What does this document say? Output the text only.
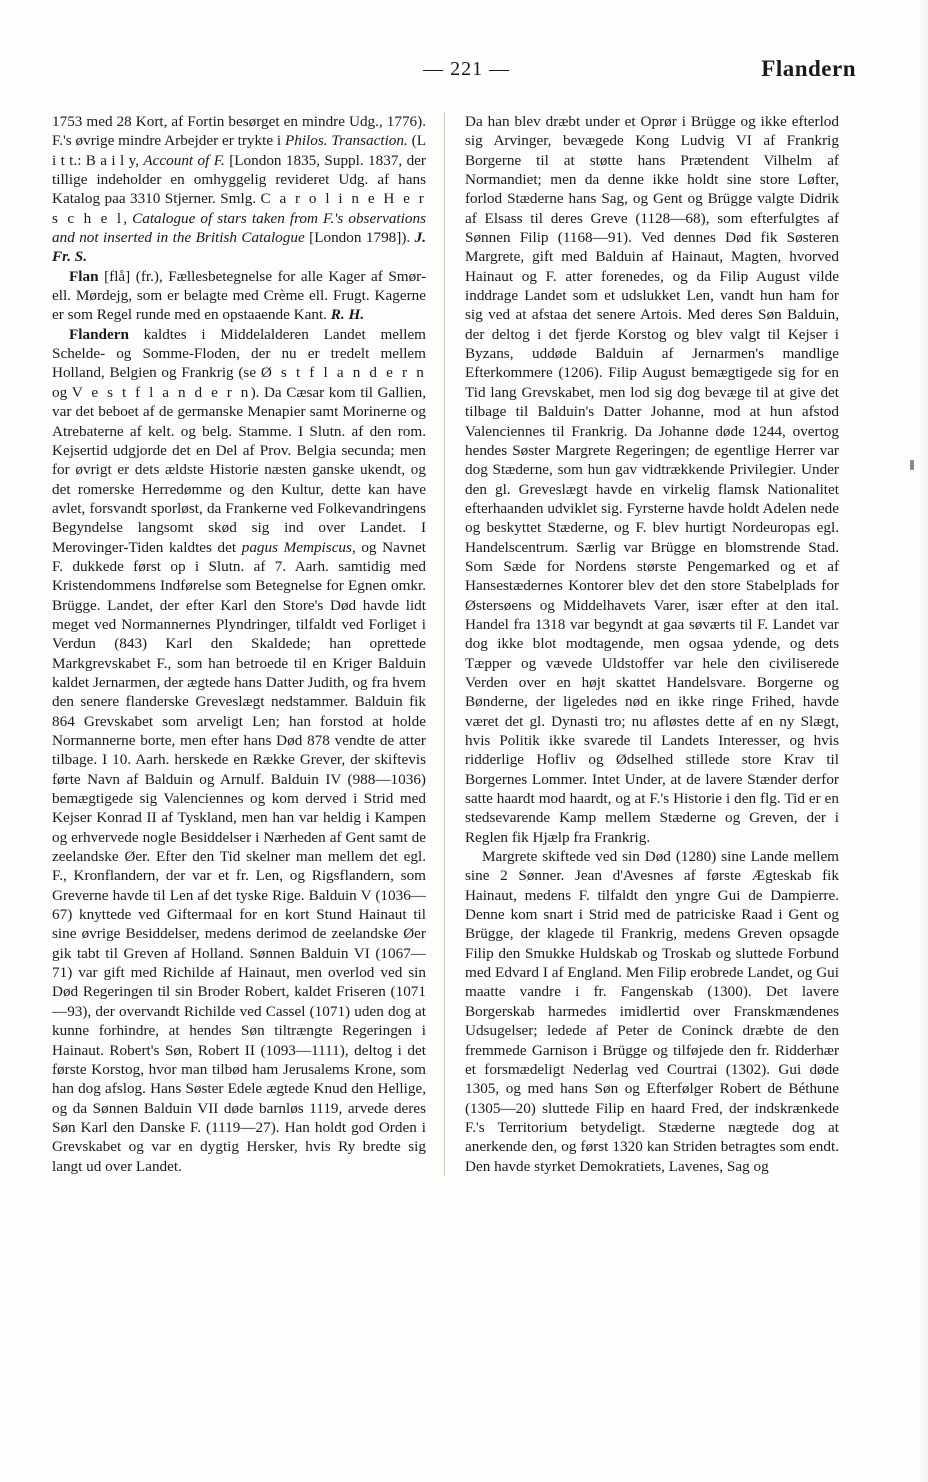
— 221 —	Flandern

1753 med 28 Kort, af Fortin besørget en mindre Udg., 1776). F.'s øvrige mindre Arbejder er trykte i Philos. Transaction. (L i t t.: B a i l y, Account of F. [London 1835, Suppl. 1837, der tillige indeholder en omhyggelig revideret Udg. af hans Katalog paa 3310 Stjerner. Smlg. C a r o l i n e H e r s c h e l, Catalogue of stars taken from F.'s observations and not inserted in the British Catalogue [London 1798]). J. Fr. S.

Flan [flå] (fr.), Fællesbetegnelse for alle Kager af Smør- ell. Mørdejg, som er belagte med Crème ell. Frugt. Kagerne er som Regel runde med en opstaaende Kant. R. H.

Flandern kaldtes i Middelalderen Landet mellem Schelde- og Somme-Floden, der nu er tredelt mellem Holland, Belgien og Frankrig (se Ø s t f l a n d e r n og V e s t f l a n d e r n). Da Cæsar kom til Gallien, var det beboet af de germanske Menapier samt Morinerne og Atrebaterne af kelt. og belg. Stamme. I Slutn. af den rom. Kejsertid udgjorde det en Del af Prov. Belgia secunda; men for øvrigt er dets ældste Historie næsten ganske ukendt, og det romerske Herredømme og den Kultur, dette kan have avlet, forsvandt sporløst, da Frankerne ved Folkevandringens Begyndelse langsomt skød sig ind over Landet. I Merovinger-Tiden kaldtes det pagus Mempiscus, og Navnet F. dukkede først op i Slutn. af 7. Aarh. samtidig med Kristendommens Indførelse som Betegnelse for Egnen omkr. Brügge. Landet, der efter Karl den Store's Død havde lidt meget ved Normannernes Plyndringer, tilfaldt ved Forliget i Verdun (843) Karl den Skaldede; han oprettede Markgrevskabet F., som han betroede til en Kriger Balduin kaldet Jernarmen, der ægtede hans Datter Judith, og fra hvem den senere flanderske Greveslægt nedstammer. Balduin fik 864 Grevskabet som arveligt Len; han forstod at holde Normannerne borte, men efter hans Død 878 vendte de atter tilbage. I 10. Aarh. herskede en Række Grever, der skiftevis førte Navn af Balduin og Arnulf. Balduin IV (988—1036) bemægtigede sig Valenciennes og kom derved i Strid med Kejser Konrad II af Tyskland, men han var heldig i Kampen og erhvervede nogle Besiddelser i Nærheden af Gent samt de zeelandske Øer. Efter den Tid skelner man mellem det egl. F., Kronflandern, der var et fr. Len, og Rigsflandern, som Greverne havde til Len af det tyske Rige. Balduin V (1036—67) knyttede ved Giftermaal for en kort Stund Hainaut til sine øvrige Besiddelser, medens derimod de zeelandske Øer gik tabt til Greven af Holland. Sønnen Balduin VI (1067—71) var gift med Richilde af Hainaut, men overlod ved sin Død Regeringen til sin Broder Robert, kaldet Friseren (1071—93), der overvandt Richilde ved Cassel (1071) uden dog at kunne forhindre, at hendes Søn tiltrængte Regeringen i Hainaut. Robert's Søn, Robert II (1093—1111), deltog i det første Korstog, hvor man tilbød ham Jerusalems Krone, som han dog afslog. Hans Søster Edele ægtede Knud den Hellige, og da Sønnen Balduin VII døde barnløs 1119, arvede deres Søn Karl den Danske F. (1119—27). Han holdt god Orden i Grevskabet og var en dygtig Hersker, hvis Ry bredte sig langt ud over Landet.

Da han blev dræbt under et Oprør i Brügge og ikke efterlod sig Arvinger, bevægede Kong Ludvig VI af Frankrig Borgerne til at støtte hans Prætendent Vilhelm af Normandiet; men da denne ikke holdt sine store Løfter, forlod Stæderne hans Sag, og Gent og Brügge valgte Didrik af Elsass til deres Greve (1128—68), som efterfulgtes af Sønnen Filip (1168—91). Ved dennes Død fik Søsteren Margrete, gift med Balduin af Hainaut, Magten, hvorved Hainaut og F. atter forenedes, og da Filip August vilde inddrage Landet som et udslukket Len, vandt hun ham for sig ved at afstaa det senere Artois. Med deres Søn Balduin, der deltog i det fjerde Korstog og blev valgt til Kejser i Byzans, uddøde Balduin af Jernarmen's mandlige Efterkommere (1206). Filip August bemægtigede sig for en Tid lang Grevskabet, men lod sig dog bevæge til at give det tilbage til Balduin's Datter Johanne, mod at hun afstod Valenciennes til Frankrig. Da Johanne døde 1244, overtog hendes Søster Margrete Regeringen; de egentlige Herrer var dog Stæderne, som hun gav vidtrækkende Privilegier. Under den gl. Greveslægt havde en virkelig flamsk Nationalitet efterhaanden udviklet sig. Fyrsterne havde holdt Adelen nede og beskyttet Stæderne, og F. blev hurtigt Nordeuropas egl. Handelscentrum. Særlig var Brügge en blomstrende Stad. Som Sæde for Nordens største Pengemarked og et af Hansestædernes Kontorer blev det den store Stabelplads for Østersøens og Middelhavets Varer, især efter at den ital. Handel fra 1318 var begyndt at gaa søværts til F. Landet var dog ikke blot modtagende, men ogsaa ydende, og dets Tæpper og vævede Uldstoffer var hele den civiliserede Verden over en højt skattet Handelsvare. Borgerne og Bønderne, der ligeledes nød en ikke ringe Frihed, havde været det gl. Dynasti tro; nu afløstes dette af en ny Slægt, hvis Politik ikke svarede til Landets Interesser, og hvis ridderlige Hofliv og Ødselhed stillede store Krav til Borgernes Lommer. Intet Under, at de lavere Stænder derfor satte haardt mod haardt, og at F.'s Historie i den flg. Tid er en stedsevarende Kamp mellem Stæderne og Greven, der i Reglen fik Hjælp fra Frankrig.

Margrete skiftede ved sin Død (1280) sine Lande mellem sine 2 Sønner. Jean d'Avesnes af første Ægteskab fik Hainaut, medens F. tilfaldt den yngre Gui de Dampierre. Denne kom snart i Strid med de patriciske Raad i Gent og Brügge, der klagede til Frankrig, medens Greven opsagde Filip den Smukke Huldskab og Troskab og sluttede Forbund med Edvard I af England. Men Filip erobrede Landet, og Gui maatte vandre i fr. Fangenskab (1300). Det lavere Borgerskab harmedes imidlertid over Franskmændenes Udsugelser; ledede af Peter de Coninck dræbte de den fremmede Garnison i Brügge og tilføjede den fr. Ridderhær et forsmædeligt Nederlag ved Courtrai (1302). Gui døde 1305, og med hans Søn og Efterfølger Robert de Béthune (1305—20) sluttede Filip en haard Fred, der indskrænkede F.'s Territorium betydeligt. Stæderne nægtede dog at anerkende den, og først 1320 kan Striden betragtes som endt. Den havde styrket Demokratiets, Lavenes, Sag og
